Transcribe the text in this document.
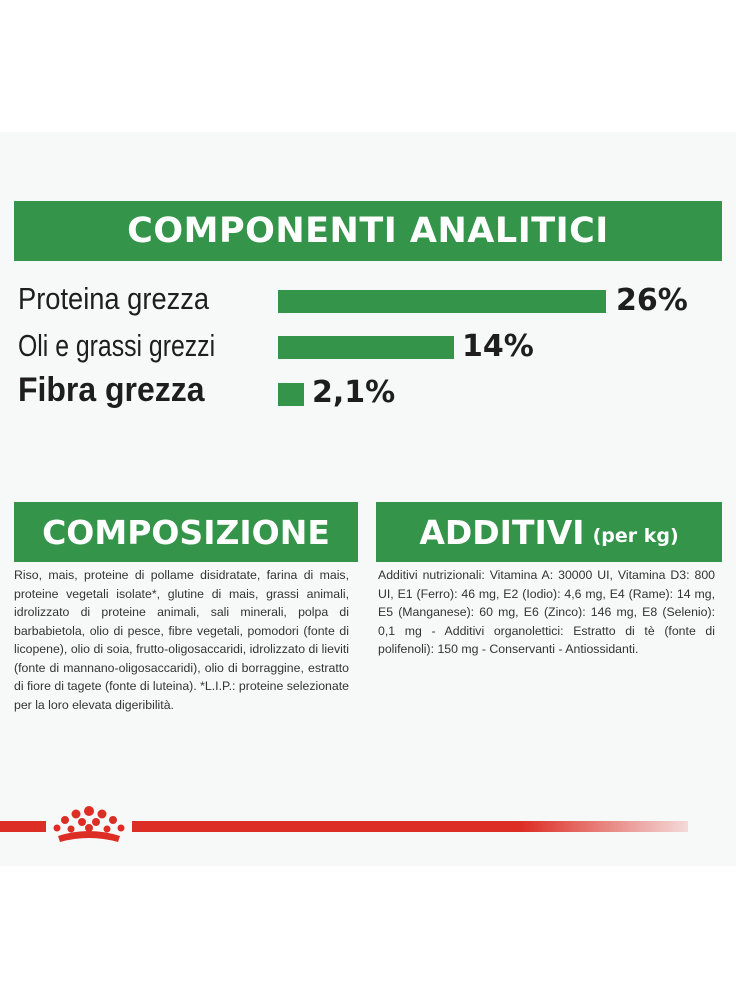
COMPONENTI ANALITICI
Proteina grezza	26%
Oli e grassi grezzi	14%
Fibra grezza	2,1%
COMPOSIZIONE
Riso, mais, proteine di pollame disidratate, farina di mais, proteine vegetali isolate*, glutine di mais, grassi animali, idrolizzato di proteine animali, sali minerali, polpa di barbabietola, olio di pesce, fibre vegetali, pomodori (fonte di licopene), olio di soia, frutto-oligosaccaridi, idrolizzato di lieviti (fonte di mannano-oligosaccaridi), olio di borraggine, estratto di fiore di tagete (fonte di luteina). *L.I.P.: proteine selezionate per la loro elevata digeribilità.
ADDITIVI (per kg)
Additivi nutrizionali: Vitamina A: 30000 UI, Vitamina D3: 800 UI, E1 (Ferro): 46 mg, E2 (Iodio): 4,6 mg, E4 (Rame): 14 mg, E5 (Manganese): 60 mg, E6 (Zinco): 146 mg, E8 (Selenio): 0,1 mg - Additivi organolettici: Estratto di tè (fonte di polifenoli): 150 mg - Conservanti - Antiossidanti.
